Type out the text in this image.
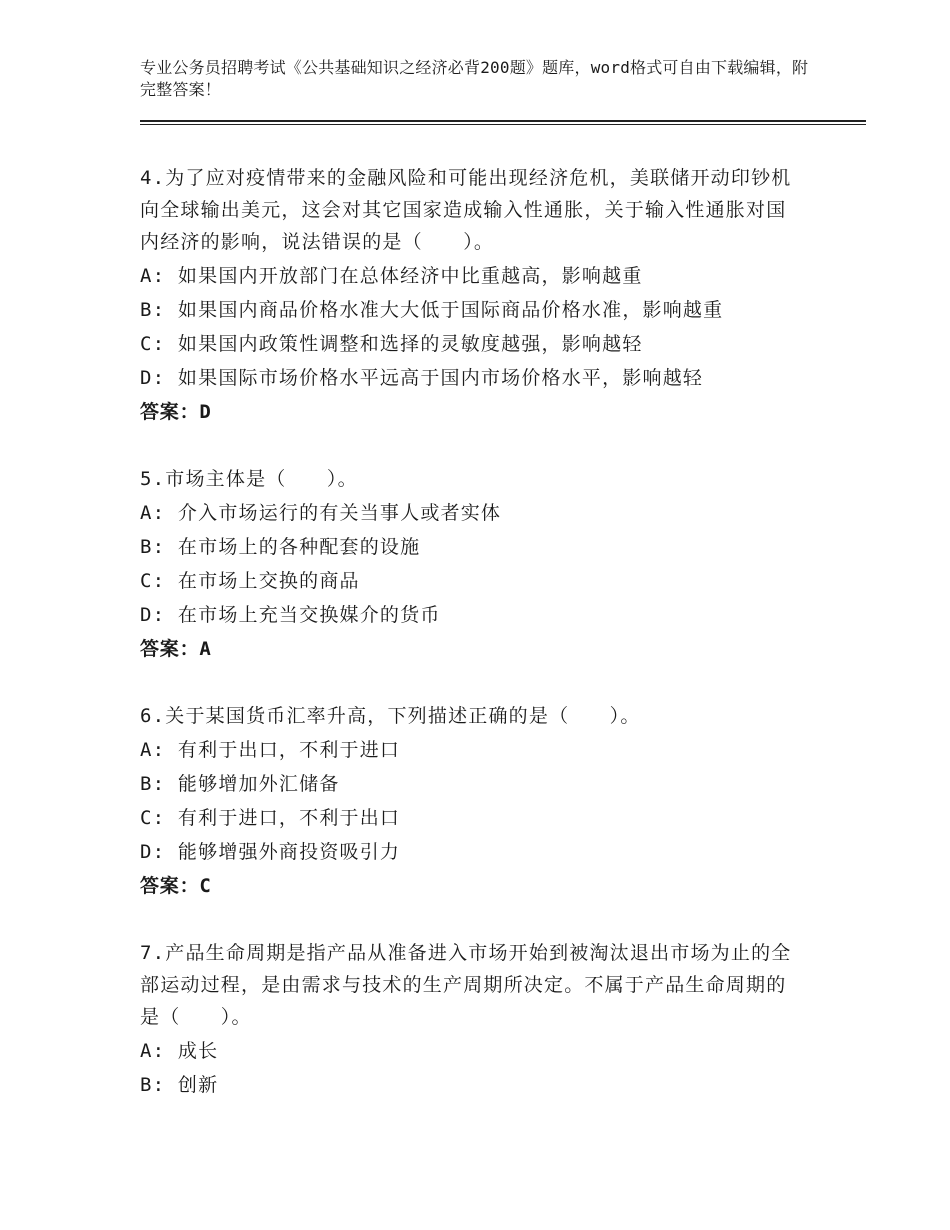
专业公务员招聘考试《公共基础知识之经济必背200题》题库，word格式可自由下载编辑，附完整答案！

4.为了应对疫情带来的金融风险和可能出现经济危机，美联储开动印钞机向全球输出美元，这会对其它国家造成输入性通胀，关于输入性通胀对国内经济的影响，说法错误的是（　　）。

A: 如果国内开放部门在总体经济中比重越高，影响越重

B: 如果国内商品价格水准大大低于国际商品价格水准，影响越重

C: 如果国内政策性调整和选择的灵敏度越强，影响越轻

D: 如果国际市场价格水平远高于国内市场价格水平，影响越轻

答案：D

5.市场主体是（　　）。

A: 介入市场运行的有关当事人或者实体

B: 在市场上的各种配套的设施

C: 在市场上交换的商品

D: 在市场上充当交换媒介的货币

答案：A

6.关于某国货币汇率升高，下列描述正确的是（　　）。

A: 有利于出口，不利于进口

B: 能够增加外汇储备

C: 有利于进口，不利于出口

D: 能够增强外商投资吸引力

答案：C

7.产品生命周期是指产品从准备进入市场开始到被淘汰退出市场为止的全部运动过程，是由需求与技术的生产周期所决定。不属于产品生命周期的是（　　）。

A: 成长

B: 创新
